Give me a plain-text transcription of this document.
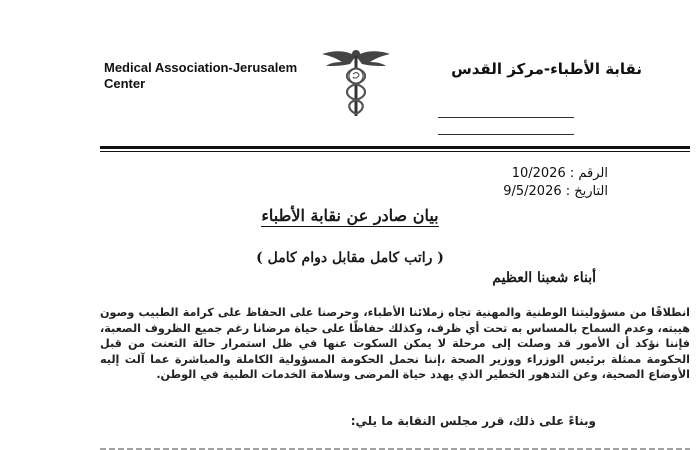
Medical Association-Jerusalem
Center
نقابة الأطباء-مركز القدس
الرقم : 10/2026
التاريخ : 9/5/2026
بيان صادر عن نقابة الأطباء
( راتب كامل مقابل دوام كامل )
أبناء شعبنا العظيم
انطلاقًا من مسؤوليتنا الوطنية والمهنية تجاه زملائنا الأطباء، وحرصنا على الحفاظ على كرامة الطبيب وصون هيبته، وعدم السماح بالمساس به تحت أي ظرف، وكذلك حفاظًا على حياة مرضانا رغم جميع الظروف الصعبة، فإننا نؤكد أن الأمور قد وصلت إلى مرحلة لا يمكن السكوت عنها في ظل استمرار حالة التعنت من قبل الحكومة ممثلة برئيس الوزراء ووزير الصحة ،إننا نحمل الحكومة المسؤولية الكاملة والمباشرة عما آلت إليه الأوضاع الصحية، وعن التدهور الخطير الذي يهدد حياة المرضى وسلامة الخدمات الطبية في الوطن.
وبناءً على ذلك، قرر مجلس النقابة ما يلي:
